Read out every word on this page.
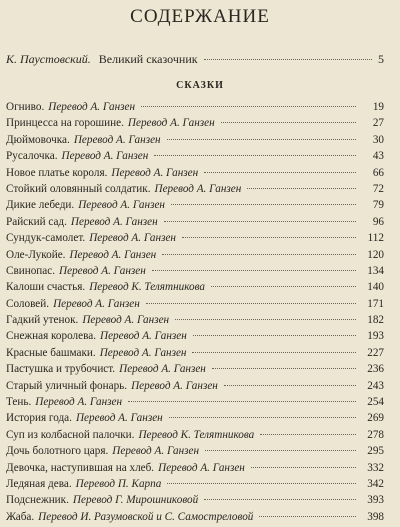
СОДЕРЖАНИЕ
К. Паустовский. Великий сказочник	5
СКАЗКИ
Огниво. Перевод А. Ганзен	19
Принцесса на горошине. Перевод А. Ганзен	27
Дюймовочка. Перевод А. Ганзен	30
Русалочка. Перевод А. Ганзен	43
Новое платье короля. Перевод А. Ганзен	66
Стойкий оловянный солдатик. Перевод А. Ганзен	72
Дикие лебеди. Перевод А. Ганзен	79
Райский сад. Перевод А. Ганзен	96
Сундук-самолет. Перевод А. Ганзен	112
Оле-Лукойе. Перевод А. Ганзен	120
Свинопас. Перевод А. Ганзен	134
Калоши счастья. Перевод К. Телятникова	140
Соловей. Перевод А. Ганзен	171
Гадкий утенок. Перевод А. Ганзен	182
Снежная королева. Перевод А. Ганзен	193
Красные башмаки. Перевод А. Ганзен	227
Пастушка и трубочист. Перевод А. Ганзен	236
Старый уличный фонарь. Перевод А. Ганзен	243
Тень. Перевод А. Ганзен	254
История года. Перевод А. Ганзен	269
Суп из колбасной палочки. Перевод К. Телятникова	278
Дочь болотного царя. Перевод А. Ганзен	295
Девочка, наступившая на хлеб. Перевод А. Ганзен	332
Ледяная дева. Перевод П. Карпа	342
Подснежник. Перевод Г. Мирошниковой	393
Жаба. Перевод И. Разумовской и С. Самостреловой	398
